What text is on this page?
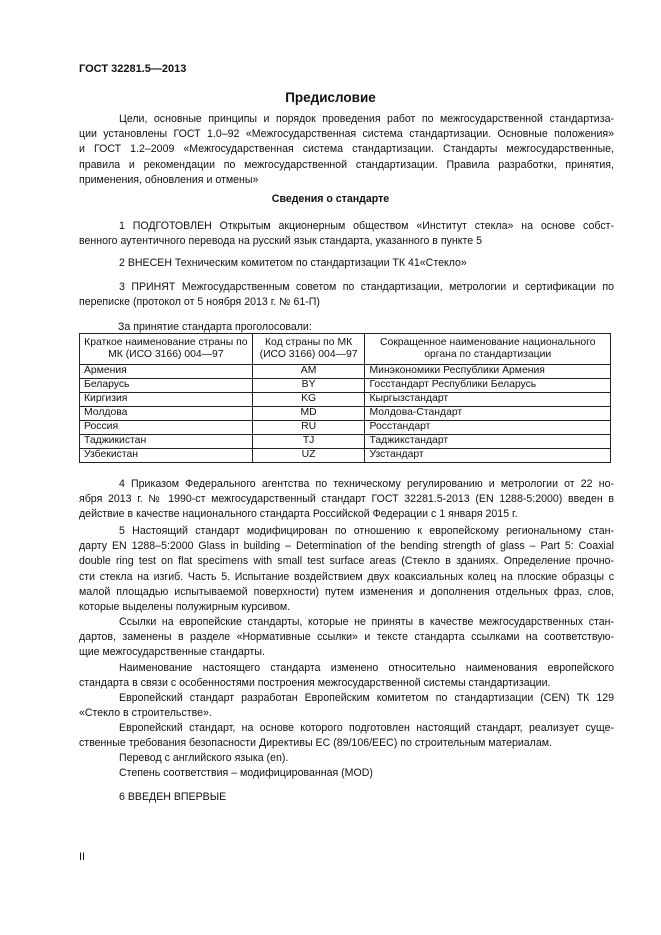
ГОСТ 32281.5—2013
Предисловие
Цели, основные принципы и порядок проведения работ по межгосударственной стандартиза-
ции установлены ГОСТ 1.0–92 «Межгосударственная система стандартизации. Основные положения»
и ГОСТ 1.2–2009 «Межгосударственная система стандартизации. Стандарты межгосударственные,
правила и рекомендации по межгосударственной стандартизации. Правила разработки, принятия,
применения, обновления и отмены»
Сведения о стандарте
1 ПОДГОТОВЛЕН Открытым акционерным обществом «Институт стекла» на основе собст-
венного аутентичного перевода на русский язык стандарта, указанного в пункте 5
2 ВНЕСЕН Техническим комитетом по стандартизации ТК 41«Стекло»
3 ПРИНЯТ Межгосударственным советом по стандартизации, метрологии и сертификации по
переписке (протокол от 5 ноября 2013 г. № 61-П)
За принятие стандарта проголосовали:
Краткое наименование страны по МК (ИСО 3166) 004—97	Код страны по МК (ИСО 3166) 004—97	Сокращенное наименование национального органа по стандартизации
Армения	AM	Минэкономики Республики Армения
Беларусь	BY	Госстандарт Республики Беларусь
Киргизия	KG	Кыргызстандарт
Молдова	MD	Молдова-Стандарт
Россия	RU	Росстандарт
Таджикистан	TJ	Таджикстандарт
Узбекистан	UZ	Узстандарт
4 Приказом Федерального агентства по техническому регулированию и метрологии от 22 но-
ября 2013 г. № 1990-ст межгосударственный стандарт ГОСТ 32281.5-2013 (EN 1288-5:2000) введен в
действие в качестве национального стандарта Российской Федерации с 1 января 2015 г.
5 Настоящий стандарт модифицирован по отношению к европейскому региональному стан-
дарту EN 1288–5:2000 Glass in building – Determination of the bending strength of glass – Part 5: Coaxial
double ring test on flat specimens with small test surface areas (Стекло в зданиях. Определение прочно-
сти стекла на изгиб. Часть 5. Испытание воздействием двух коаксиальных колец на плоские образцы с
малой площадью испытываемой поверхности) путем изменения и дополнения отдельных фраз, слов,
которые выделены полужирным курсивом.
Ссылки на европейские стандарты, которые не приняты в качестве межгосударственных стан-
дартов, заменены в разделе «Нормативные ссылки» и тексте стандарта ссылками на соответствую-
щие межгосударственные стандарты.
Наименование настоящего стандарта изменено относительно наименования европейского
стандарта в связи с особенностями построения межгосударственной системы стандартизации.
Европейский стандарт разработан Европейским комитетом по стандартизации (CEN) ТК 129
«Стекло в строительстве».
Европейский стандарт, на основе которого подготовлен настоящий стандарт, реализует суще-
ственные требования безопасности Директивы ЕС (89/106/EEC) по строительным материалам.
Перевод с английского языка (en).
Степень соответствия – модифицированная (MOD)
6 ВВЕДЕН ВПЕРВЫЕ
II
